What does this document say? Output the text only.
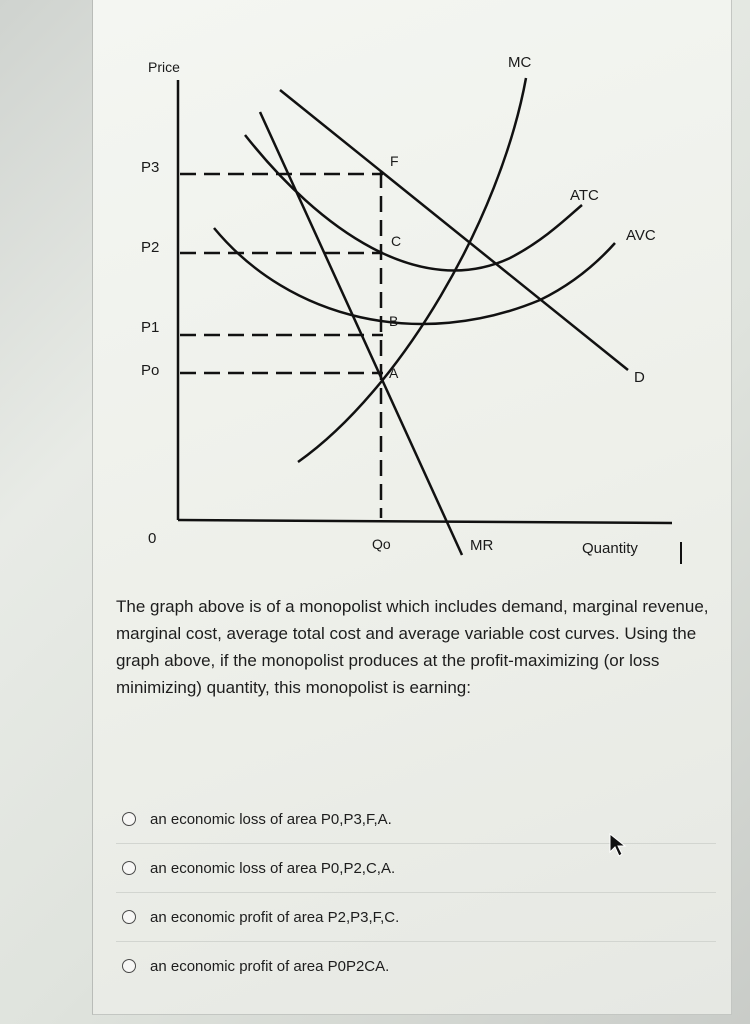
Price
0
Quantity
P3
P2
P1
Po
Qo
MC
ATC
AVC
D
MR
F
C
B
A
The graph above is of a monopolist which includes demand, marginal revenue, marginal cost, average total cost and average variable cost curves. Using the graph above, if the monopolist produces at the profit-maximizing (or loss minimizing) quantity, this monopolist is earning:
an economic loss of area P0,P3,F,A.
an economic loss of area P0,P2,C,A.
an economic profit of area P2,P3,F,C.
an economic profit of area P0P2CA.
